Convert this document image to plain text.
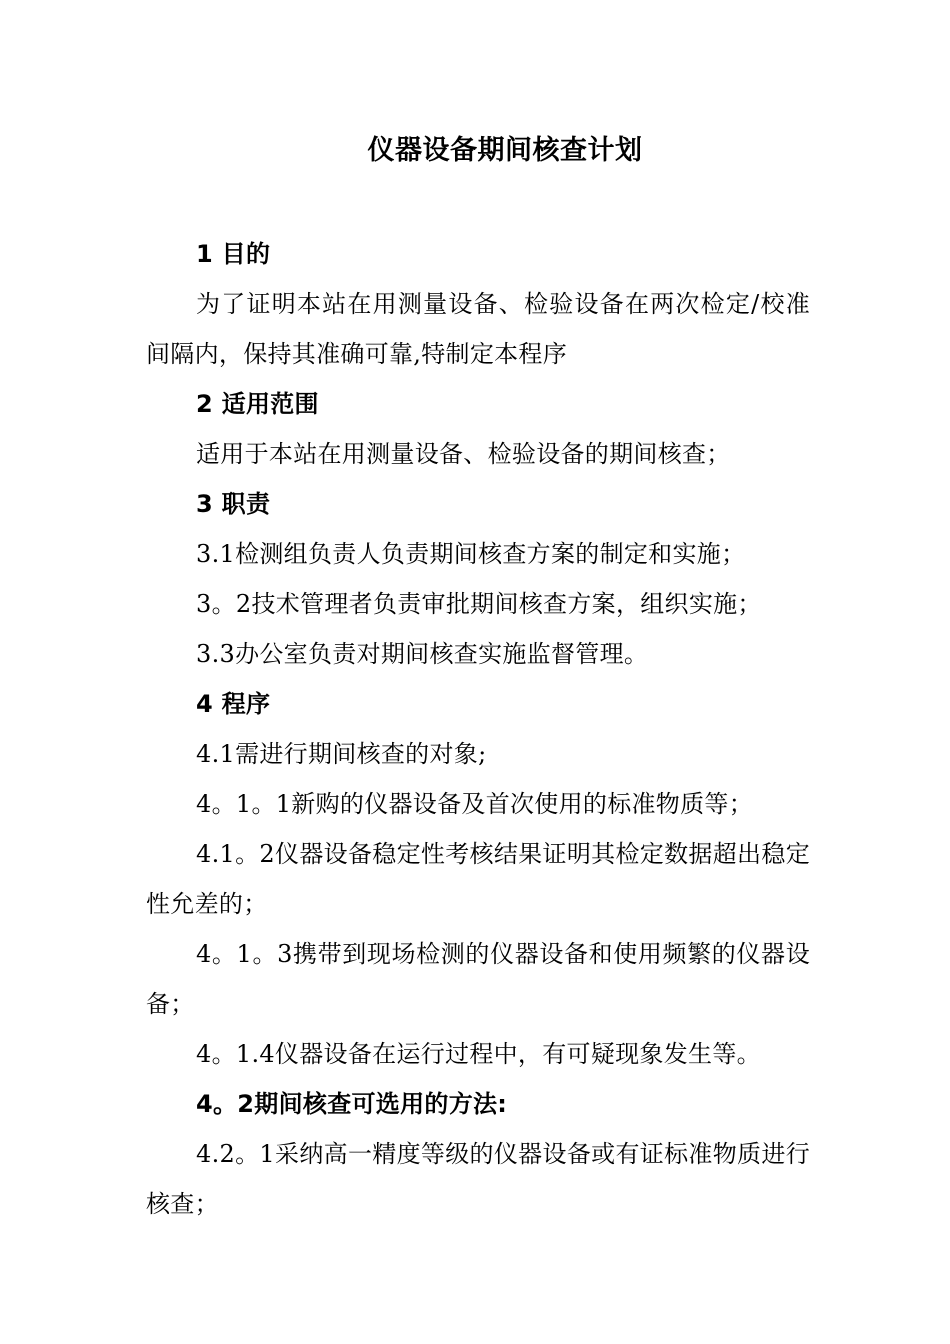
仪器设备期间核查计划

1 目的

为了证明本站在用测量设备、检验设备在两次检定/校准间隔内，保持其准确可靠,特制定本程序

2 适用范围

适用于本站在用测量设备、检验设备的期间核查；

3 职责

3.1检测组负责人负责期间核查方案的制定和实施；

3。2技术管理者负责审批期间核查方案，组织实施；

3.3办公室负责对期间核查实施监督管理。

4 程序

4.1需进行期间核查的对象;

4。1。1新购的仪器设备及首次使用的标准物质等；

4.1。2仪器设备稳定性考核结果证明其检定数据超出稳定性允差的；

4。1。3携带到现场检测的仪器设备和使用频繁的仪器设备；

4。1.4仪器设备在运行过程中，有可疑现象发生等。

4。2期间核查可选用的方法:

4.2。1采纳高一精度等级的仪器设备或有证标准物质进行核查；
